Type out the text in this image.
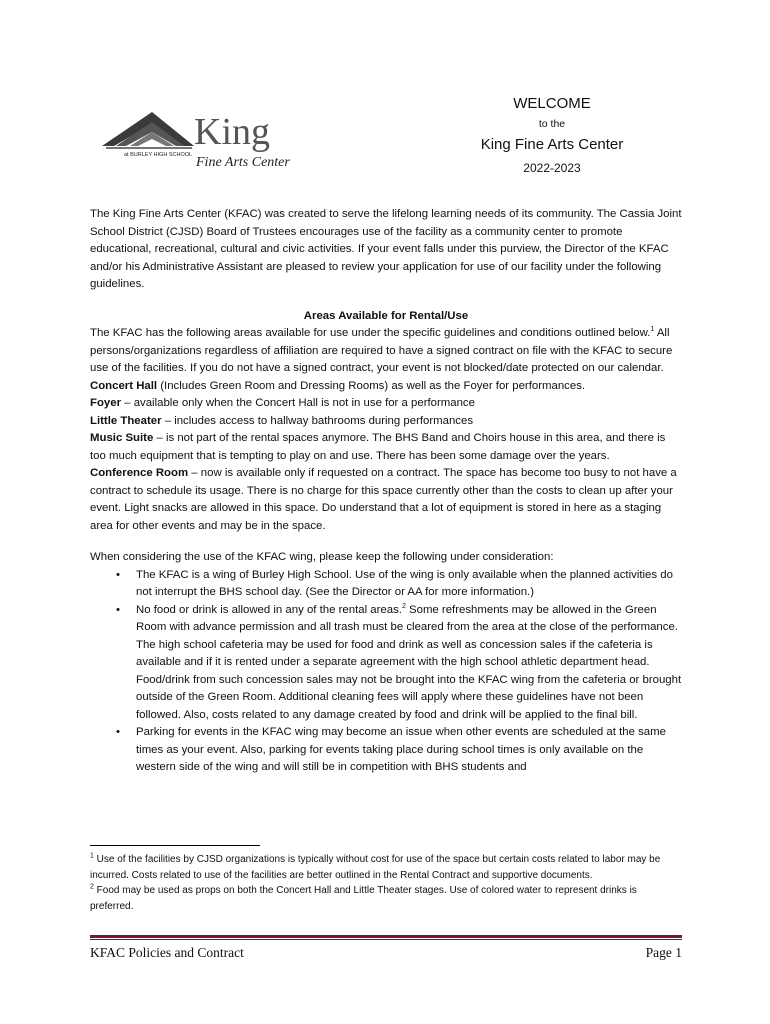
at BURLEY HIGH SCHOOL
King
Fine Arts Center
WELCOME
to the
King Fine Arts Center
2022-2023

The King Fine Arts Center (KFAC) was created to serve the lifelong learning needs of its community. The Cassia Joint School District (CJSD) Board of Trustees encourages use of the facility as a community center to promote educational, recreational, cultural and civic activities. If your event falls under this purview, the Director of the KFAC and/or his Administrative Assistant are pleased to review your application for use of our facility under the following guidelines.

Areas Available for Rental/Use

The KFAC has the following areas available for use under the specific guidelines and conditions outlined below.$^1$ All persons/organizations regardless of affiliation are required to have a signed contract on file with the KFAC to secure use of the facilities. If you do not have a signed contract, your event is not blocked/date protected on our calendar.

Concert Hall (Includes Green Room and Dressing Rooms) as well as the Foyer for performances.

Foyer – available only when the Concert Hall is not in use for a performance

Little Theater – includes access to hallway bathrooms during performances

Music Suite – is not part of the rental spaces anymore. The BHS Band and Choirs house in this area, and there is too much equipment that is tempting to play on and use. There has been some damage over the years.

Conference Room – now is available only if requested on a contract. The space has become too busy to not have a contract to schedule its usage. There is no charge for this space currently other than the costs to clean up after your event. Light snacks are allowed in this space. Do understand that a lot of equipment is stored in here as a staging area for other events and may be in the space.

When considering the use of the KFAC wing, please keep the following under consideration:

• The KFAC is a wing of Burley High School. Use of the wing is only available when the planned activities do not interrupt the BHS school day. (See the Director or AA for more information.)
• No food or drink is allowed in any of the rental areas.$^2$ Some refreshments may be allowed in the Green Room with advance permission and all trash must be cleared from the area at the close of the performance. The high school cafeteria may be used for food and drink as well as concession sales if the cafeteria is available and if it is rented under a separate agreement with the high school athletic department head. Food/drink from such concession sales may not be brought into the KFAC wing from the cafeteria or brought outside of the Green Room. Additional cleaning fees will apply where these guidelines have not been followed. Also, costs related to any damage created by food and drink will be applied to the final bill.
• Parking for events in the KFAC wing may become an issue when other events are scheduled at the same times as your event. Also, parking for events taking place during school times is only available on the western side of the wing and will still be in competition with BHS students and

$^1$ Use of the facilities by CJSD organizations is typically without cost for use of the space but certain costs related to labor may be incurred. Costs related to use of the facilities are better outlined in the Rental Contract and supportive documents.

$^2$ Food may be used as props on both the Concert Hall and Little Theater stages. Use of colored water to represent drinks is preferred.

KFAC Policies and Contract	Page 1
